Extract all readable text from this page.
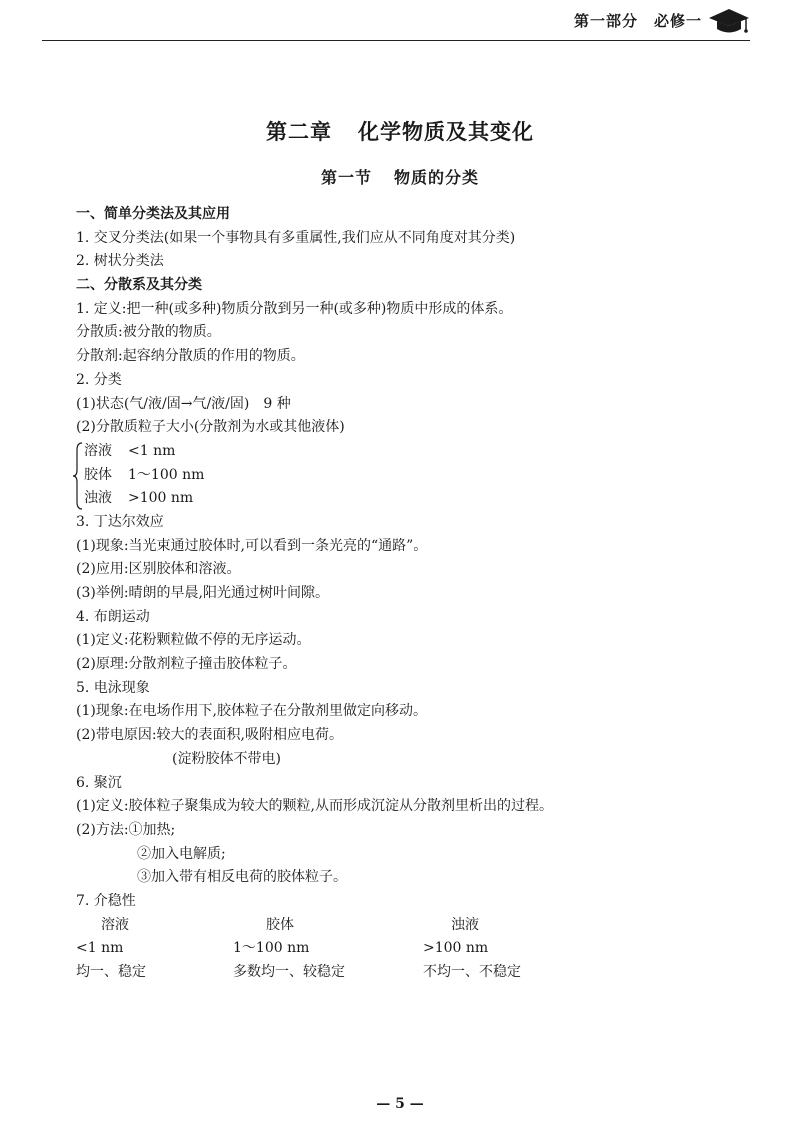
第一部分　必修一
第二章 化学物质及其变化
第一节 物质的分类
一、简单分类法及其应用
1. 交叉分类法(如果一个事物具有多重属性,我们应从不同角度对其分类)
2. 树状分类法
二、分散系及其分类
1. 定义:把一种(或多种)物质分散到另一种(或多种)物质中形成的体系。
分散质:被分散的物质。
分散剂:起容纳分散质的作用的物质。
2. 分类
(1)状态(气/液/固→气/液/固)　9 种
(2)分散质粒子大小(分散剂为水或其他液体)
溶液 <1 nm
胶体 1～100 nm
浊液 >100 nm
3. 丁达尔效应
(1)现象:当光束通过胶体时,可以看到一条光亮的“通路”。
(2)应用:区别胶体和溶液。
(3)举例:晴朗的早晨,阳光通过树叶间隙。
4. 布朗运动
(1)定义:花粉颗粒做不停的无序运动。
(2)原理:分散剂粒子撞击胶体粒子。
5. 电泳现象
(1)现象:在电场作用下,胶体粒子在分散剂里做定向移动。
(2)带电原因:较大的表面积,吸附相应电荷。
(淀粉胶体不带电)
6. 聚沉
(1)定义:胶体粒子聚集成为较大的颗粒,从而形成沉淀从分散剂里析出的过程。
(2)方法:①加热;
②加入电解质;
③加入带有相反电荷的胶体粒子。
7. 介稳性
溶液	胶体	浊液
<1 nm	1～100 nm	>100 nm
均一、稳定	多数均一、较稳定	不均一、不稳定
— 5 —
